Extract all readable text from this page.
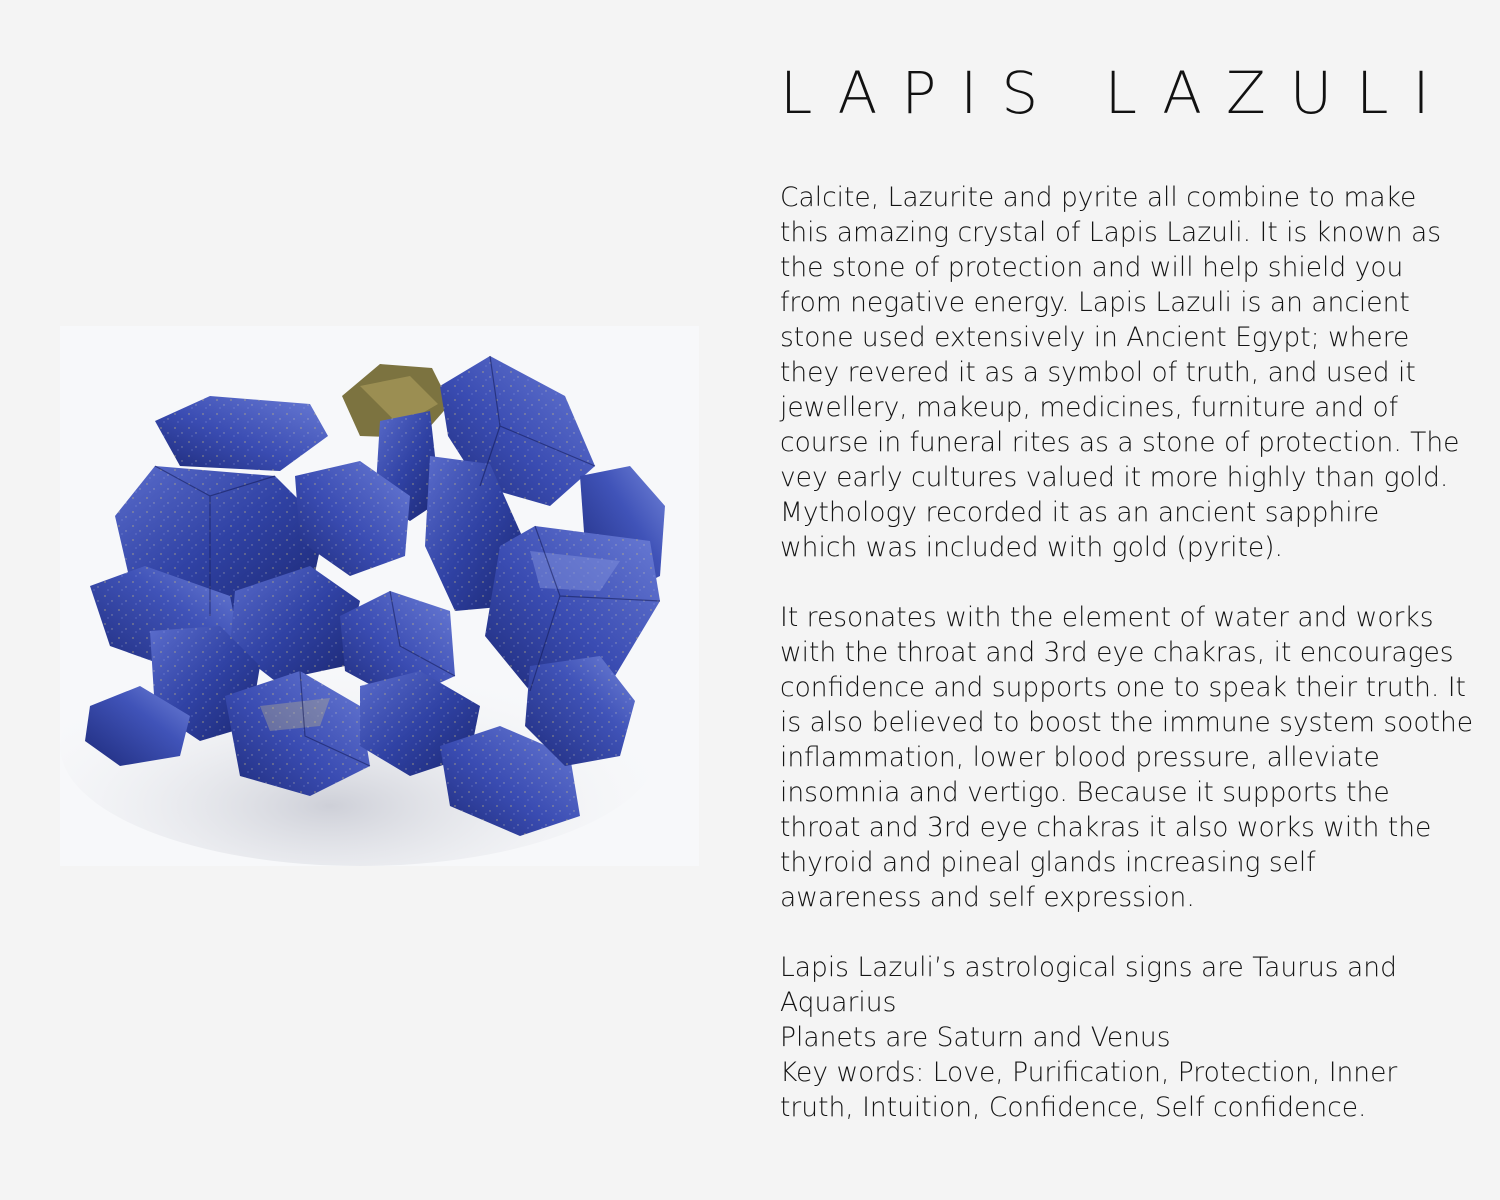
LAPIS LAZULI
Calcite, Lazurite and pyrite all combine to make
this amazing crystal of Lapis Lazuli. It is known as
the stone of protection and will help shield you
from negative energy. Lapis Lazuli is an ancient
stone used extensively in Ancient Egypt; where
they revered it as a symbol of truth, and used it
jewellery, makeup, medicines, furniture and of
course in funeral rites as a stone of protection. The
vey early cultures valued it more highly than gold.
Mythology recorded it as an ancient sapphire
which was included with gold (pyrite).
It resonates with the element of water and works
with the throat and 3rd eye chakras, it encourages
confidence and supports one to speak their truth. It
is also believed to boost the immune system soothe
inflammation, lower blood pressure, alleviate
insomnia and vertigo. Because it supports the
throat and 3rd eye chakras it also works with the
thyroid and pineal glands increasing self
awareness and self expression.
Lapis Lazuli’s astrological signs are Taurus and
Aquarius
Planets are Saturn and Venus
Key words: Love, Purification, Protection, Inner
truth, Intuition, Confidence, Self confidence.
